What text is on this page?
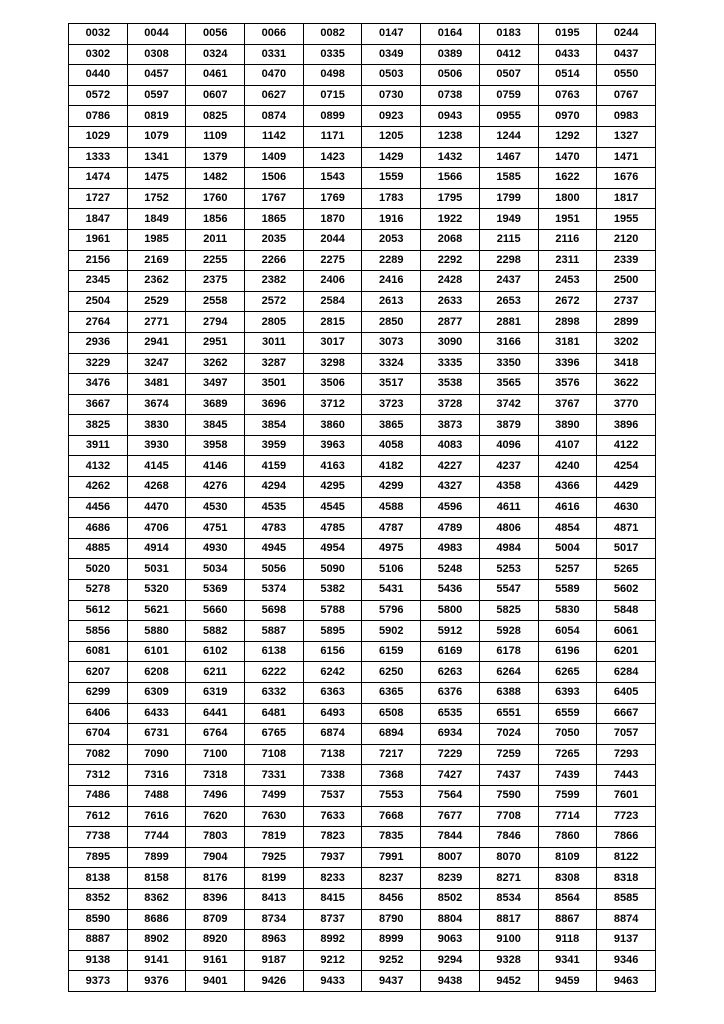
0032	0044	0056	0066	0082	0147	0164	0183	0195	0244
0302	0308	0324	0331	0335	0349	0389	0412	0433	0437
0440	0457	0461	0470	0498	0503	0506	0507	0514	0550
0572	0597	0607	0627	0715	0730	0738	0759	0763	0767
0786	0819	0825	0874	0899	0923	0943	0955	0970	0983
1029	1079	1109	1142	1171	1205	1238	1244	1292	1327
1333	1341	1379	1409	1423	1429	1432	1467	1470	1471
1474	1475	1482	1506	1543	1559	1566	1585	1622	1676
1727	1752	1760	1767	1769	1783	1795	1799	1800	1817
1847	1849	1856	1865	1870	1916	1922	1949	1951	1955
1961	1985	2011	2035	2044	2053	2068	2115	2116	2120
2156	2169	2255	2266	2275	2289	2292	2298	2311	2339
2345	2362	2375	2382	2406	2416	2428	2437	2453	2500
2504	2529	2558	2572	2584	2613	2633	2653	2672	2737
2764	2771	2794	2805	2815	2850	2877	2881	2898	2899
2936	2941	2951	3011	3017	3073	3090	3166	3181	3202
3229	3247	3262	3287	3298	3324	3335	3350	3396	3418
3476	3481	3497	3501	3506	3517	3538	3565	3576	3622
3667	3674	3689	3696	3712	3723	3728	3742	3767	3770
3825	3830	3845	3854	3860	3865	3873	3879	3890	3896
3911	3930	3958	3959	3963	4058	4083	4096	4107	4122
4132	4145	4146	4159	4163	4182	4227	4237	4240	4254
4262	4268	4276	4294	4295	4299	4327	4358	4366	4429
4456	4470	4530	4535	4545	4588	4596	4611	4616	4630
4686	4706	4751	4783	4785	4787	4789	4806	4854	4871
4885	4914	4930	4945	4954	4975	4983	4984	5004	5017
5020	5031	5034	5056	5090	5106	5248	5253	5257	5265
5278	5320	5369	5374	5382	5431	5436	5547	5589	5602
5612	5621	5660	5698	5788	5796	5800	5825	5830	5848
5856	5880	5882	5887	5895	5902	5912	5928	6054	6061
6081	6101	6102	6138	6156	6159	6169	6178	6196	6201
6207	6208	6211	6222	6242	6250	6263	6264	6265	6284
6299	6309	6319	6332	6363	6365	6376	6388	6393	6405
6406	6433	6441	6481	6493	6508	6535	6551	6559	6667
6704	6731	6764	6765	6874	6894	6934	7024	7050	7057
7082	7090	7100	7108	7138	7217	7229	7259	7265	7293
7312	7316	7318	7331	7338	7368	7427	7437	7439	7443
7486	7488	7496	7499	7537	7553	7564	7590	7599	7601
7612	7616	7620	7630	7633	7668	7677	7708	7714	7723
7738	7744	7803	7819	7823	7835	7844	7846	7860	7866
7895	7899	7904	7925	7937	7991	8007	8070	8109	8122
8138	8158	8176	8199	8233	8237	8239	8271	8308	8318
8352	8362	8396	8413	8415	8456	8502	8534	8564	8585
8590	8686	8709	8734	8737	8790	8804	8817	8867	8874
8887	8902	8920	8963	8992	8999	9063	9100	9118	9137
9138	9141	9161	9187	9212	9252	9294	9328	9341	9346
9373	9376	9401	9426	9433	9437	9438	9452	9459	9463
